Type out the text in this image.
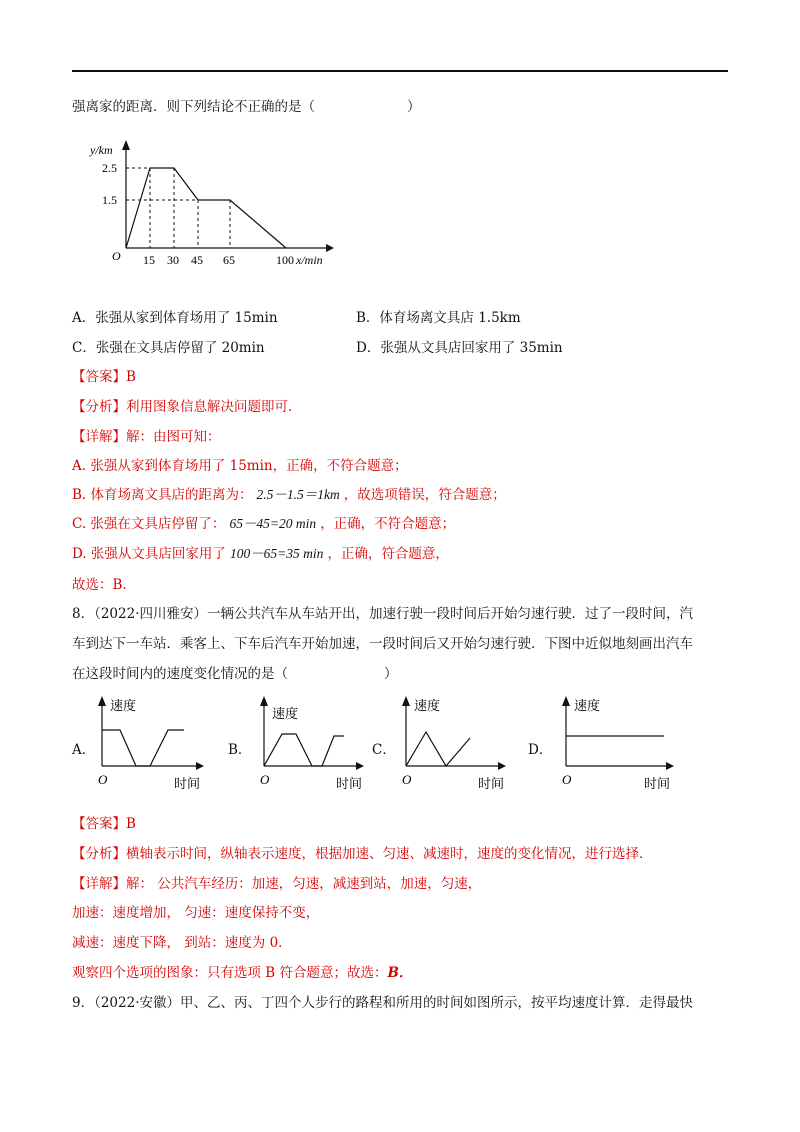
强离家的距离．则下列结论不正确的是（	）
y/km
O	x/min
2.5
1.5
15 30 45 65	100
A．张强从家到体育场用了 15min	B．体育场离文具店 1.5km
C．张强在文具店停留了 20min	D．张强从文具店回家用了 35min
【答案】B
【分析】利用图象信息解决问题即可．
【详解】解：由图可知：
A. 张强从家到体育场用了 15min，正确，不符合题意；
B. 体育场离文具店的距离为： 2.5－1.5＝1km ，故选项错误，符合题意；
C. 张强在文具店停留了： 65－45=20 min ，正确，不符合题意；
D. 张强从文具店回家用了 100－65=35 min ，正确，符合题意，
故选：B．
8．（2022·四川雅安）一辆公共汽车从车站开出，加速行驶一段时间后开始匀速行驶．过了一段时间，汽
车到达下一车站．乘客上、下车后汽车开始加速，一段时间后又开始匀速行驶．下图中近似地刻画出汽车
在这段时间内的速度变化情况的是（	）
A．	B．	C．	D．
速度
O	时间
速度
O	时间
速度
O	时间
速度
O	时间
【答案】B
【分析】横轴表示时间，纵轴表示速度，根据加速、匀速、减速时，速度的变化情况，进行选择．
【详解】解： 公共汽车经历：加速，匀速，减速到站，加速，匀速，
加速：速度增加， 匀速：速度保持不变，
减速：速度下降， 到站：速度为 0．
观察四个选项的图象：只有选项 B 符合题意；故选：B．
9．（2022·安徽）甲、乙、丙、丁四个人步行的路程和所用的时间如图所示，按平均速度计算．走得最快
